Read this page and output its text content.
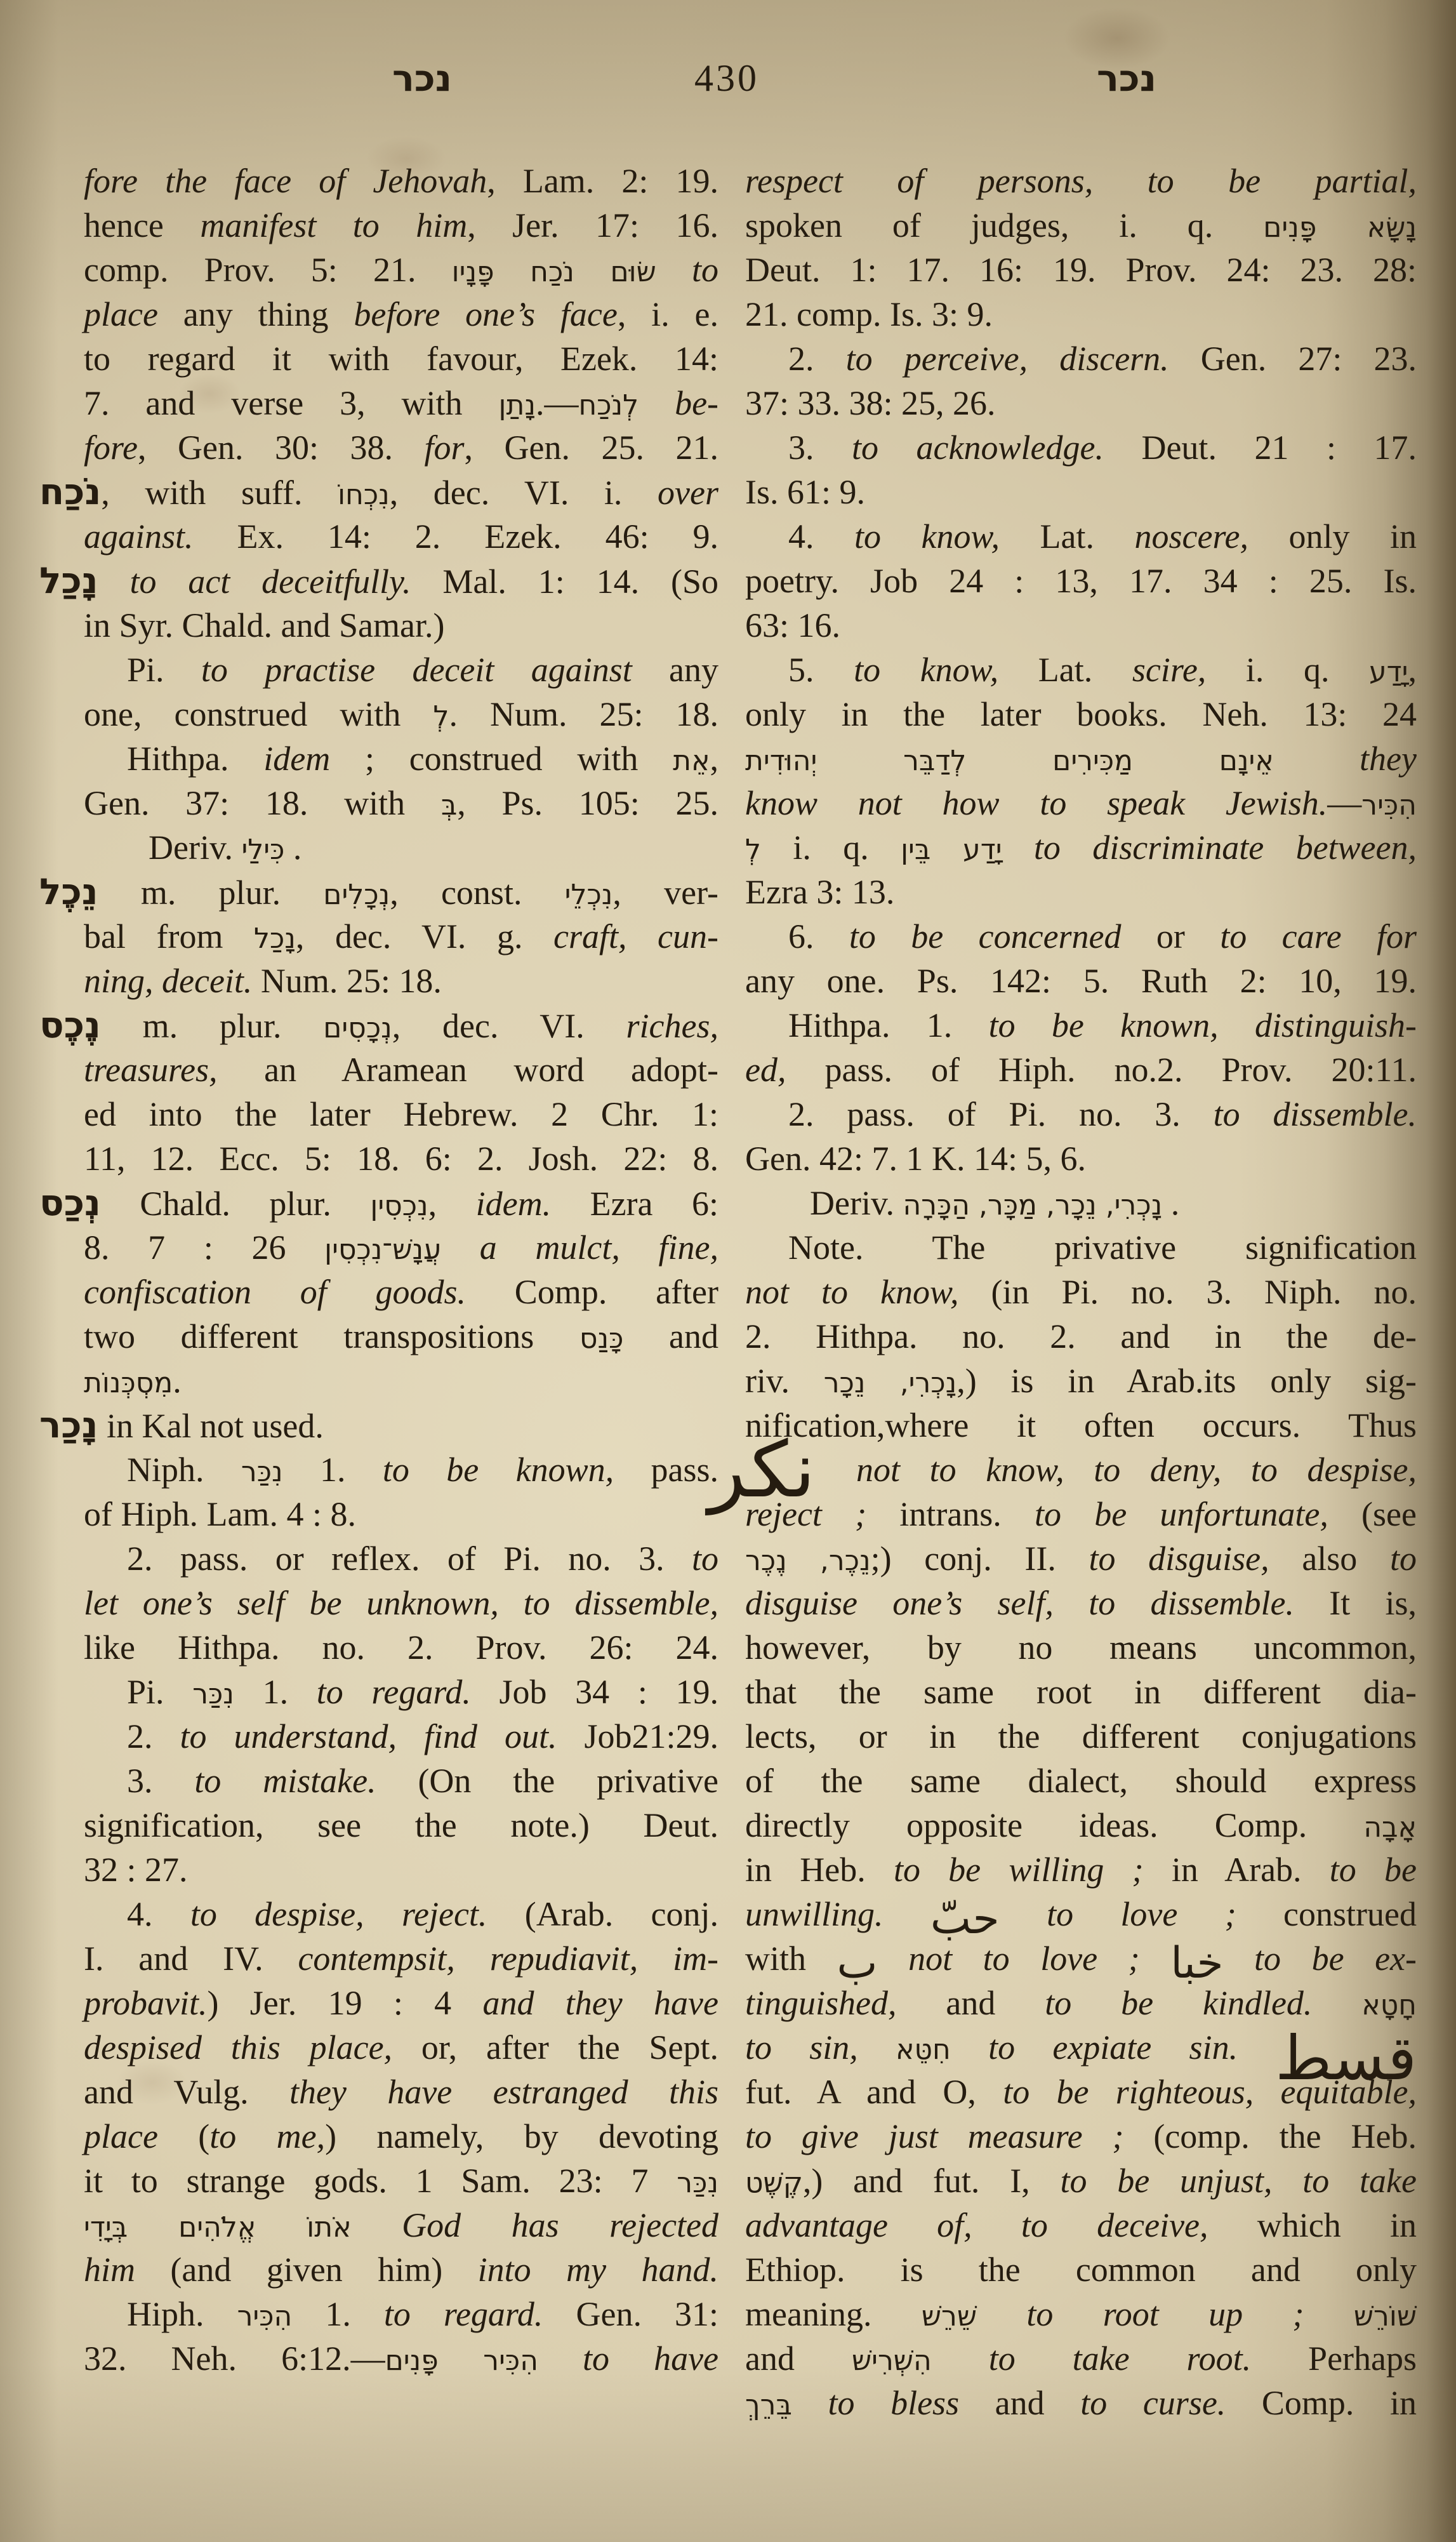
נכר	430	נכר
fore the face of Jehovah, Lam. 2: 19.
hence manifest to him, Jer. 17: 16.
comp. Prov. 5: 21. שׂוּם נֹכַח פָּנָיו to
place any thing before one’s face, i. e.
to regard it with favour, Ezek. 14:
7. and verse 3, with נָתַן.—לְנֹכַח be-
fore, Gen. 30: 38. for, Gen. 25. 21.
נֹכַח, with suff. נִכְחוֹ, dec. VI. i. over
against. Ex. 14: 2. Ezek. 46: 9.
נָכַל to act deceitfully. Mal. 1: 14. (So
in Syr. Chald. and Samar.)
Pi. to practise deceit against any
one, construed with לְ. Num. 25: 18.
Hithpa. idem ; construed with אֵת,
Gen. 37: 18. with בְּ, Ps. 105: 25.
Deriv. כִּילַי .
נֵכֶל m. plur. נְכָלִים, const. נִכְלֵי, ver-
bal from נָכַל, dec. VI. g. craft, cun-
ning, deceit. Num. 25: 18.
נֶכֶס m. plur. נְכָסִים, dec. VI. riches,
treasures, an Aramean word adopt-
ed into the later Hebrew. 2 Chr. 1:
11, 12. Ecc. 5: 18. 6: 2. Josh. 22: 8.
נְכַס Chald. plur. נִכְסִין, idem. Ezra 6:
8. 7 : 26 עֲנָשׁ־נִכְסִין a mulct, fine,
confiscation of goods. Comp. after
two different transpositions כָּנַס and
מִסְכְּנוֹת.
נָכַר in Kal not used.
Niph. נִכַּר 1. to be known, pass.
of Hiph. Lam. 4 : 8.
2. pass. or reflex. of Pi. no. 3. to
let one’s self be unknown, to dissemble,
like Hithpa. no. 2. Prov. 26: 24.
Pi. נִכַּר 1. to regard. Job 34 : 19.
2. to understand, find out. Job21:29.
3. to mistake. (On the privative
signification, see the note.) Deut.
32 : 27.
4. to despise, reject. (Arab. conj.
I. and IV. contempsit, repudiavit, im-
probavit.) Jer. 19 : 4 and they have
despised this place, or, after the Sept.
and Vulg. they have estranged this
place (to me,) namely, by devoting
it to strange gods. 1 Sam. 23: 7 נִכַּר
אֹתוֹ אֱלֹהִים בְּיָדִי God has rejected
him (and given him) into my hand.
Hiph. הִכִּיר 1. to regard. Gen. 31:
32. Neh. 6:12.—הִכִּיר פָּנִים to have
respect of persons, to be partial,
spoken of judges, i. q. נָשָׂא פָּנִים
Deut. 1: 17. 16: 19. Prov. 24: 23. 28:
21. comp. Is. 3: 9.
2. to perceive, discern. Gen. 27: 23.
37: 33. 38: 25, 26.
3. to acknowledge. Deut. 21 : 17.
Is. 61: 9.
4. to know, Lat. noscere, only in
poetry. Job 24 : 13, 17. 34 : 25. Is.
63: 16.
5. to know, Lat. scire, i. q. יָדַע,
only in the later books. Neh. 13: 24
אֵינָם מַכִּירִים לְדַבֵּר יְהוּדִית	they
know not how to speak Jewish.—הִכִּיר
לְ i. q. יָדַע בֵּין to discriminate between,
Ezra 3: 13.
6. to be concerned or to care for
any one. Ps. 142: 5. Ruth 2: 10, 19.
Hithpa. 1. to be known, distinguish-
ed, pass. of Hiph. no.2. Prov. 20:11.
2. pass. of Pi. no. 3. to dissemble.
Gen. 42: 7. 1 K. 14: 5, 6.
Deriv. נָכְרִי, נֵכָר, מַכָּר, הַכָּרָה .
Note. The privative signification
not to know, (in Pi. no. 3. Niph. no.
2. Hithpa. no. 2. and in the de-
riv. נָכְרִי, נֵכָר,) is in Arab.its only sig-
nification,where it often occurs. Thus
نكر not to know, to deny, to despise,
reject ; intrans. to be unfortunate, (see
נֵכֶר, נֶכֶר;) conj. II. to disguise, also to
disguise one’s self, to dissemble. It is,
however, by no means uncommon,
that the same root in different dia-
lects, or in the different conjugations
of the same dialect, should express
directly opposite ideas. Comp. אָבָה
in Heb. to be willing ; in Arab. to be
unwilling. حبّ to love ; construed
with ب not to love ; خبا to be ex-
tinguished, and to be kindled. חָטָא
to sin, חִטֵּא to expiate sin. قسط
fut. A and O, to be righteous, equitable,
to give just measure ; (comp. the Heb.
קֶשֶׁט,) and fut. I, to be unjust, to take
advantage of, to deceive, which in
Ethiop. is the common and only
meaning. שֵׁרֵשׁ to root up ; שׁוֹרֵשׁ
and הִשְׁרִישׁ to take root. Perhaps
בֵּרֵךְ to bless and to curse. Comp. in
